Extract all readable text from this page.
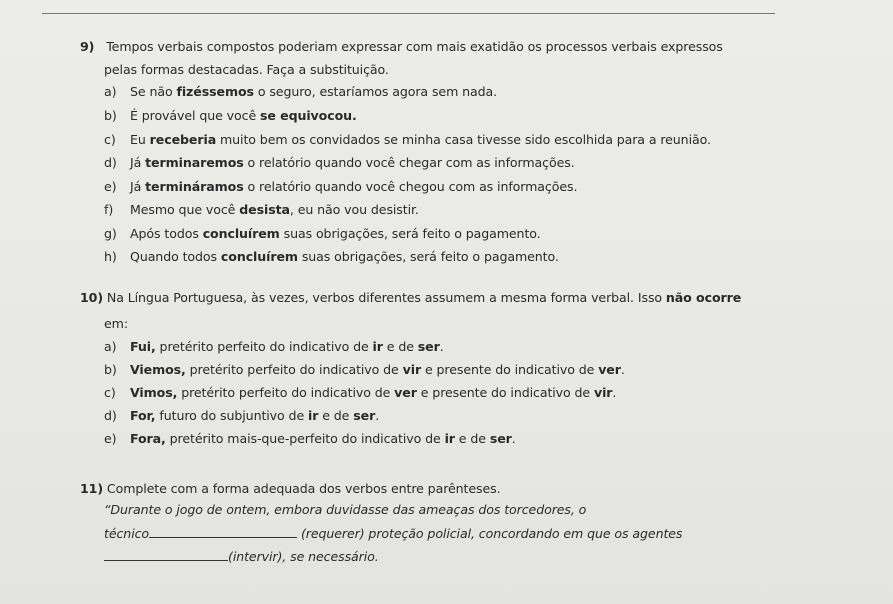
9) Tempos verbais compostos poderiam expressar com mais exatidão os processos verbais expressos
pelas formas destacadas. Faça a substituição.
a) Se não fizéssemos o seguro, estaríamos agora sem nada.
b) É provável que você se equivocou.
c) Eu receberia muito bem os convidados se minha casa tivesse sido escolhida para a reunião.
d) Já terminaremos o relatório quando você chegar com as informações.
e) Já termináramos o relatório quando você chegou com as informações.
f) Mesmo que você desista, eu não vou desistir.
g) Após todos concluírem suas obrigações, será feito o pagamento.
h) Quando todos concluírem suas obrigações, será feito o pagamento.
10) Na Língua Portuguesa, às vezes, verbos diferentes assumem a mesma forma verbal. Isso não ocorre
em:
a) Fui, pretérito perfeito do indicativo de ir e de ser.
b) Viemos, pretérito perfeito do indicativo de vir e presente do indicativo de ver.
c) Vimos, pretérito perfeito do indicativo de ver e presente do indicativo de vir.
d) For, futuro do subjuntivo de ir e de ser.
e) Fora, pretérito mais-que-perfeito do indicativo de ir e de ser.
11) Complete com a forma adequada dos verbos entre parênteses.
“Durante o jogo de ontem, embora duvidasse das ameaças dos torcedores, o
técnico	(requerer) proteção policial, concordando em que os agentes
(intervir), se necessário.
